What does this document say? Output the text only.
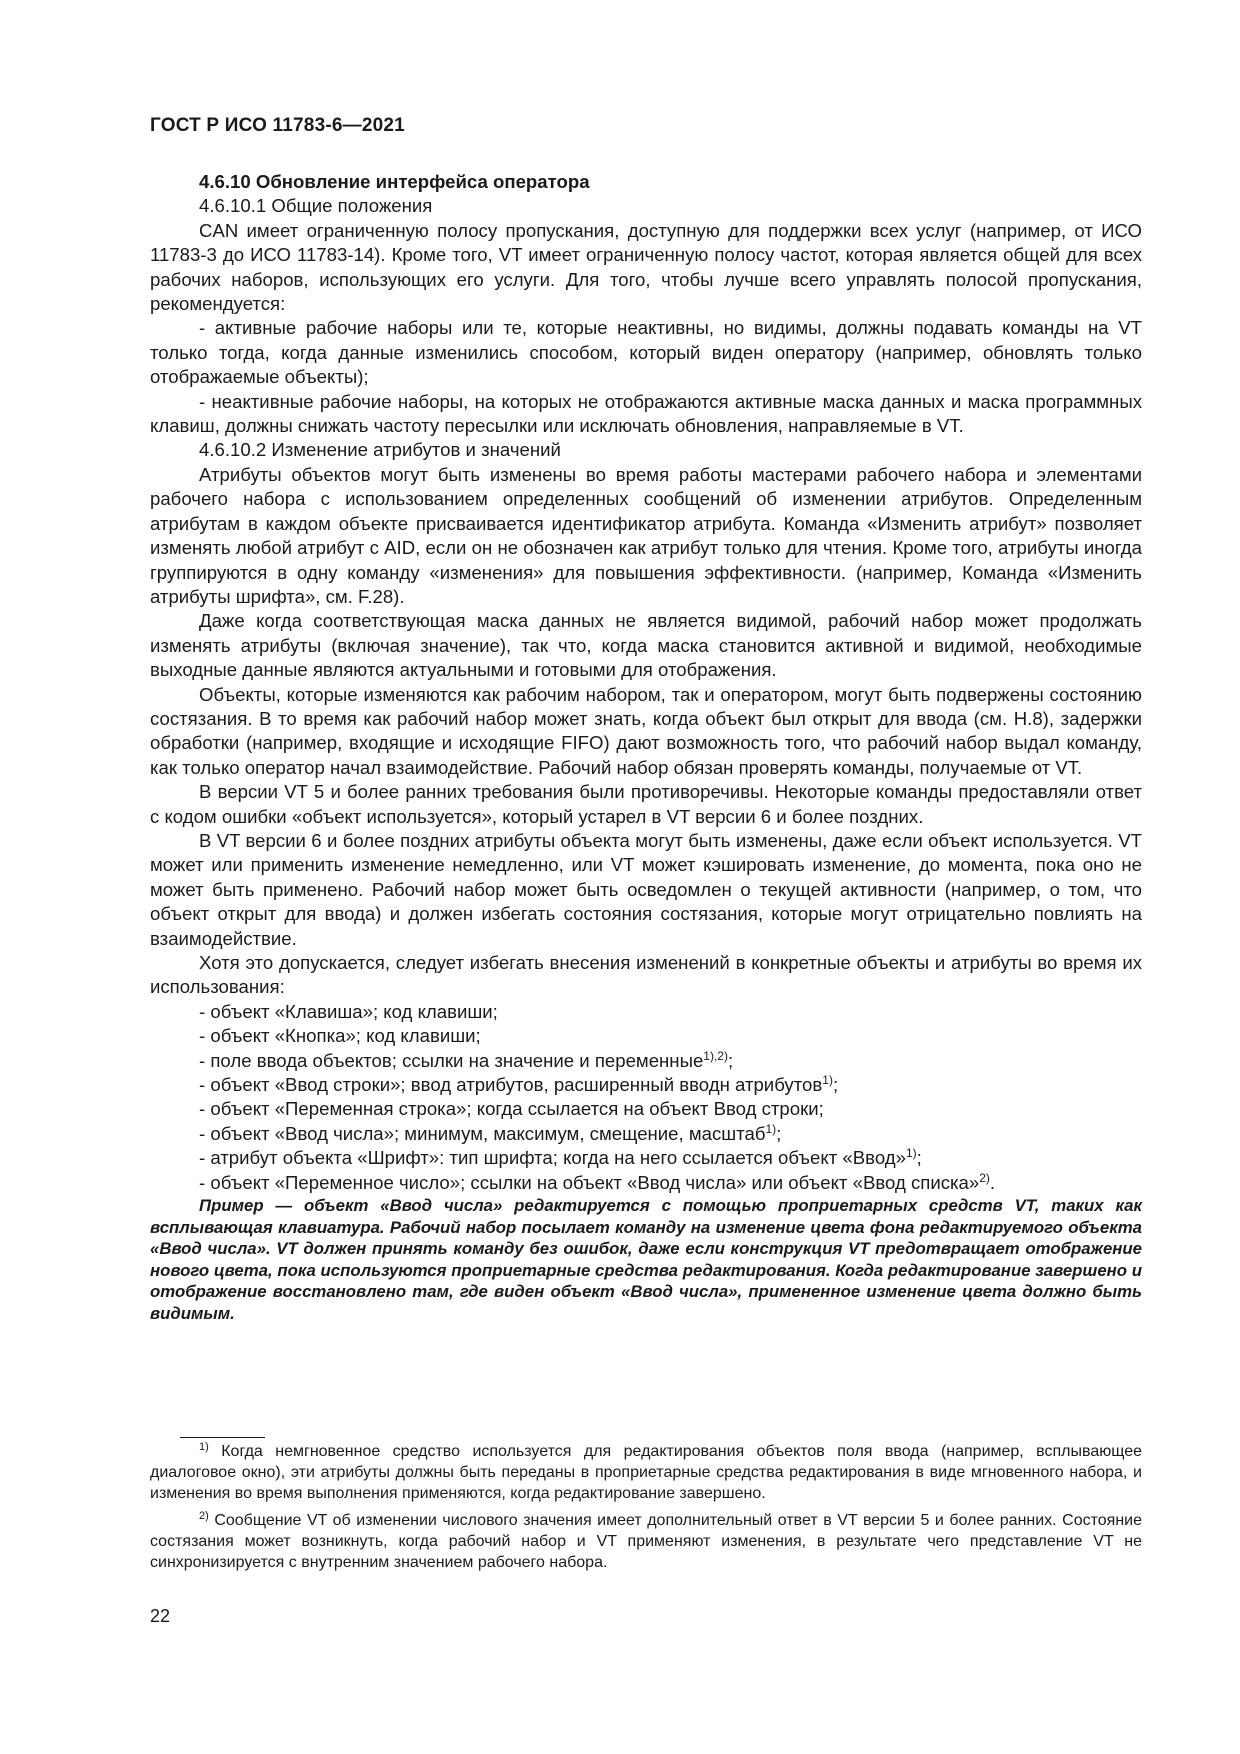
ГОСТ Р ИСО 11783-6—2021

4.6.10 Обновление интерфейса оператора

4.6.10.1 Общие положения

CAN имеет ограниченную полосу пропускания, доступную для поддержки всех услуг (например, от ИСО 11783-3 до ИСО 11783-14). Кроме того, VT имеет ограниченную полосу частот, которая является общей для всех рабочих наборов, использующих его услуги. Для того, чтобы лучше всего управлять полосой пропускания, рекомендуется:

- активные рабочие наборы или те, которые неактивны, но видимы, должны подавать команды на VT только тогда, когда данные изменились способом, который виден оператору (например, обновлять только отображаемые объекты);

- неактивные рабочие наборы, на которых не отображаются активные маска данных и маска программных клавиш, должны снижать частоту пересылки или исключать обновления, направляемые в VT.

4.6.10.2 Изменение атрибутов и значений

Атрибуты объектов могут быть изменены во время работы мастерами рабочего набора и элементами рабочего набора с использованием определенных сообщений об изменении атрибутов. Определенным атрибутам в каждом объекте присваивается идентификатор атрибута. Команда «Изменить атрибут» позволяет изменять любой атрибут с AID, если он не обозначен как атрибут только для чтения. Кроме того, атрибуты иногда группируются в одну команду «изменения» для повышения эффективности. (например, Команда «Изменить атрибуты шрифта», см. F.28).

Даже когда соответствующая маска данных не является видимой, рабочий набор может продолжать изменять атрибуты (включая значение), так что, когда маска становится активной и видимой, необходимые выходные данные являются актуальными и готовыми для отображения.

Объекты, которые изменяются как рабочим набором, так и оператором, могут быть подвержены состоянию состязания. В то время как рабочий набор может знать, когда объект был открыт для ввода (см. H.8), задержки обработки (например, входящие и исходящие FIFO) дают возможность того, что рабочий набор выдал команду, как только оператор начал взаимодействие. Рабочий набор обязан проверять команды, получаемые от VT.

В версии VT 5 и более ранних требования были противоречивы. Некоторые команды предоставляли ответ с кодом ошибки «объект используется», который устарел в VT версии 6 и более поздних.

В VT версии 6 и более поздних атрибуты объекта могут быть изменены, даже если объект используется. VT может или применить изменение немедленно, или VT может кэшировать изменение, до момента, пока оно не может быть применено. Рабочий набор может быть осведомлен о текущей активности (например, о том, что объект открыт для ввода) и должен избегать состояния состязания, которые могут отрицательно повлиять на взаимодействие.

Хотя это допускается, следует избегать внесения изменений в конкретные объекты и атрибуты во время их использования:

- объект «Клавиша»; код клавиши;
- объект «Кнопка»; код клавиши;
- поле ввода объектов; ссылки на значение и переменные$^{1),2)}$;
- объект «Ввод строки»; ввод атрибутов, расширенный вводн атрибутов$^{1)}$;
- объект «Переменная строка»; когда ссылается на объект Ввод строки;
- объект «Ввод числа»; минимум, максимум, смещение, масштаб$^{1)}$;
- атрибут объекта «Шрифт»: тип шрифта; когда на него ссылается объект «Ввод»$^{1)}$;
- объект «Переменное число»; ссылки на объект «Ввод числа» или объект «Ввод списка»$^{2)}$.

Пример — объект «Ввод числа» редактируется с помощью проприетарных средств VT, таких как всплывающая клавиатура. Рабочий набор посылает команду на изменение цвета фона редактируемого объекта «Ввод числа». VT должен принять команду без ошибок, даже если конструкция VT предотвращает отображение нового цвета, пока используются проприетарные средства редактирования. Когда редактирование завершено и отображение восстановлено там, где виден объект «Ввод числа», примененное изменение цвета должно быть видимым.

$^{1)}$ Когда немгновенное средство используется для редактирования объектов поля ввода (например, всплывающее диалоговое окно), эти атрибуты должны быть переданы в проприетарные средства редактирования в виде мгновенного набора, и изменения во время выполнения применяются, когда редактирование завершено.

$^{2)}$ Сообщение VT об изменении числового значения имеет дополнительный ответ в VT версии 5 и более ранних. Состояние состязания может возникнуть, когда рабочий набор и VT применяют изменения, в результате чего представление VT не синхронизируется с внутренним значением рабочего набора.

22
